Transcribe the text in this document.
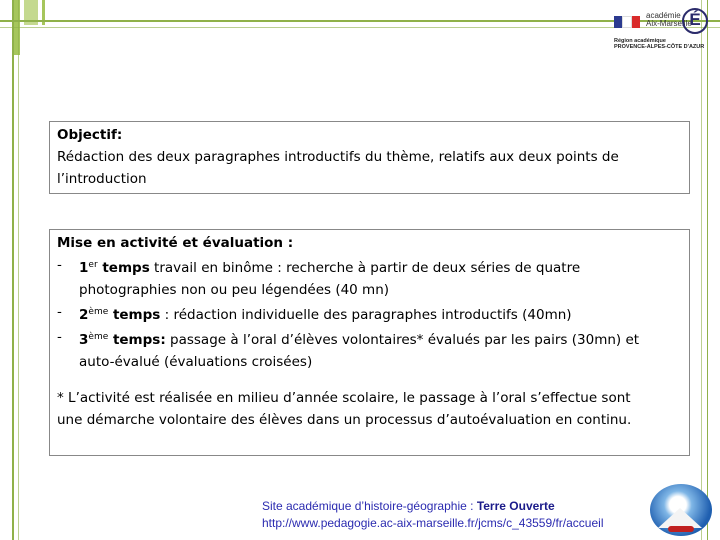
académie
Aix-Marseille
É
Région académique
PROVENCE-ALPES-CÔTE D'AZUR
Objectif:
Rédaction des deux paragraphes introductifs du thème, relatifs aux deux points de
l’introduction
Mise en activité et évaluation :
-	1er temps travail en binôme : recherche à partir de deux séries de quatre
photographies non ou peu légendées (40 mn)
-	2ème temps : rédaction individuelle des paragraphes introductifs (40mn)
-	3ème temps: passage à l’oral d’élèves volontaires* évalués par les pairs (30mn) et
auto-évalué (évaluations croisées)
* L’activité est réalisée en milieu d’année scolaire, le passage à l’oral s’effectue sont
une démarche volontaire des élèves dans un processus d’autoévaluation en continu.
Site académique d’histoire-géographie : Terre Ouverte
http://www.pedagogie.ac-aix-marseille.fr/jcms/c_43559/fr/accueil
